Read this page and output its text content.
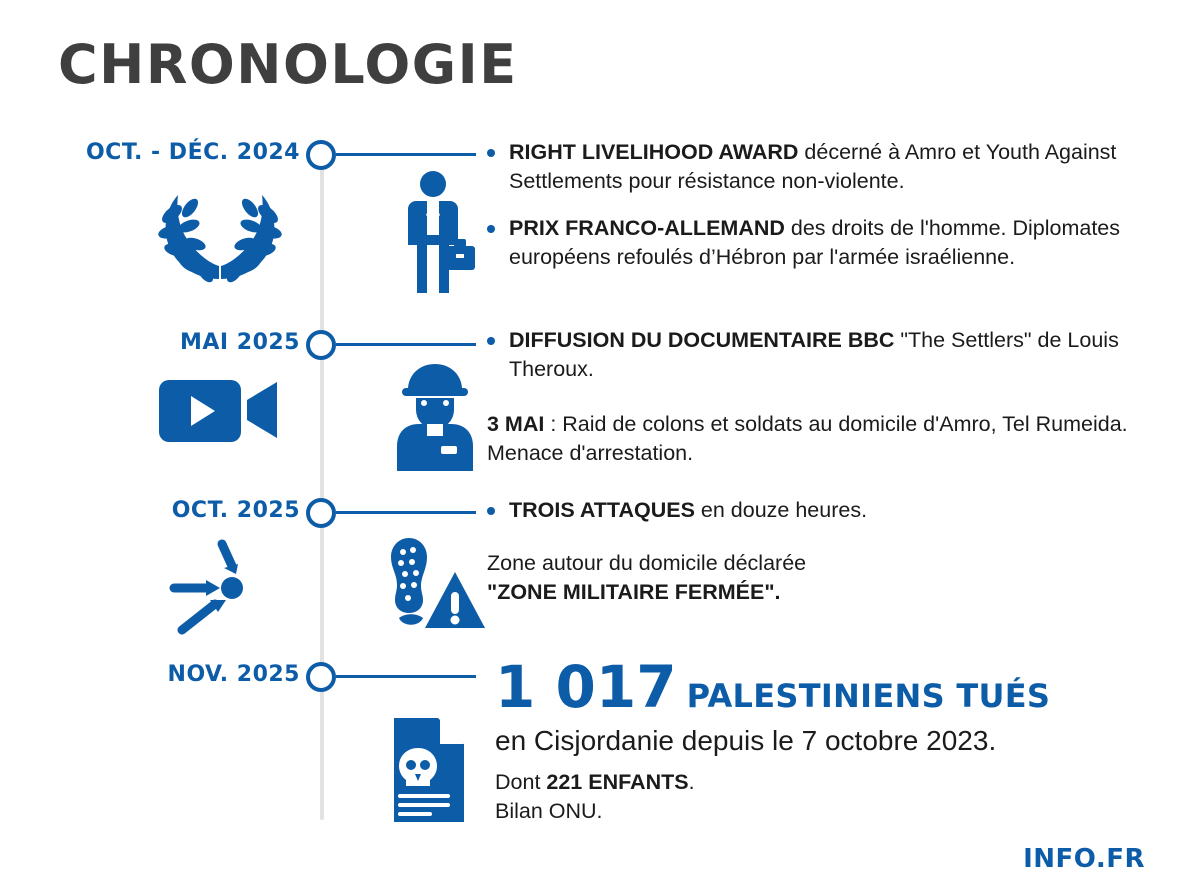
CHRONOLOGIE
OCT. - DÉC. 2024	RIGHT LIVELIHOOD AWARD décerné à Amro et Youth Against Settlements pour résistance non-violente.
PRIX FRANCO-ALLEMAND des droits de l'homme. Diplomates européens refoulés d’Hébron par l'armée israélienne.
MAI 2025	DIFFUSION DU DOCUMENTAIRE BBC "The Settlers" de Louis Theroux.
3 MAI : Raid de colons et soldats au domicile d'Amro, Tel Rumeida. Menace d'arrestation.
OCT. 2025	TROIS ATTAQUES en douze heures.
Zone autour du domicile déclarée
"ZONE MILITAIRE FERMÉE".
NOV. 2025	1 017 PALESTINIENS TUÉS
en Cisjordanie depuis le 7 octobre 2023.
Dont 221 ENFANTS.
Bilan ONU.
INFO.FR
